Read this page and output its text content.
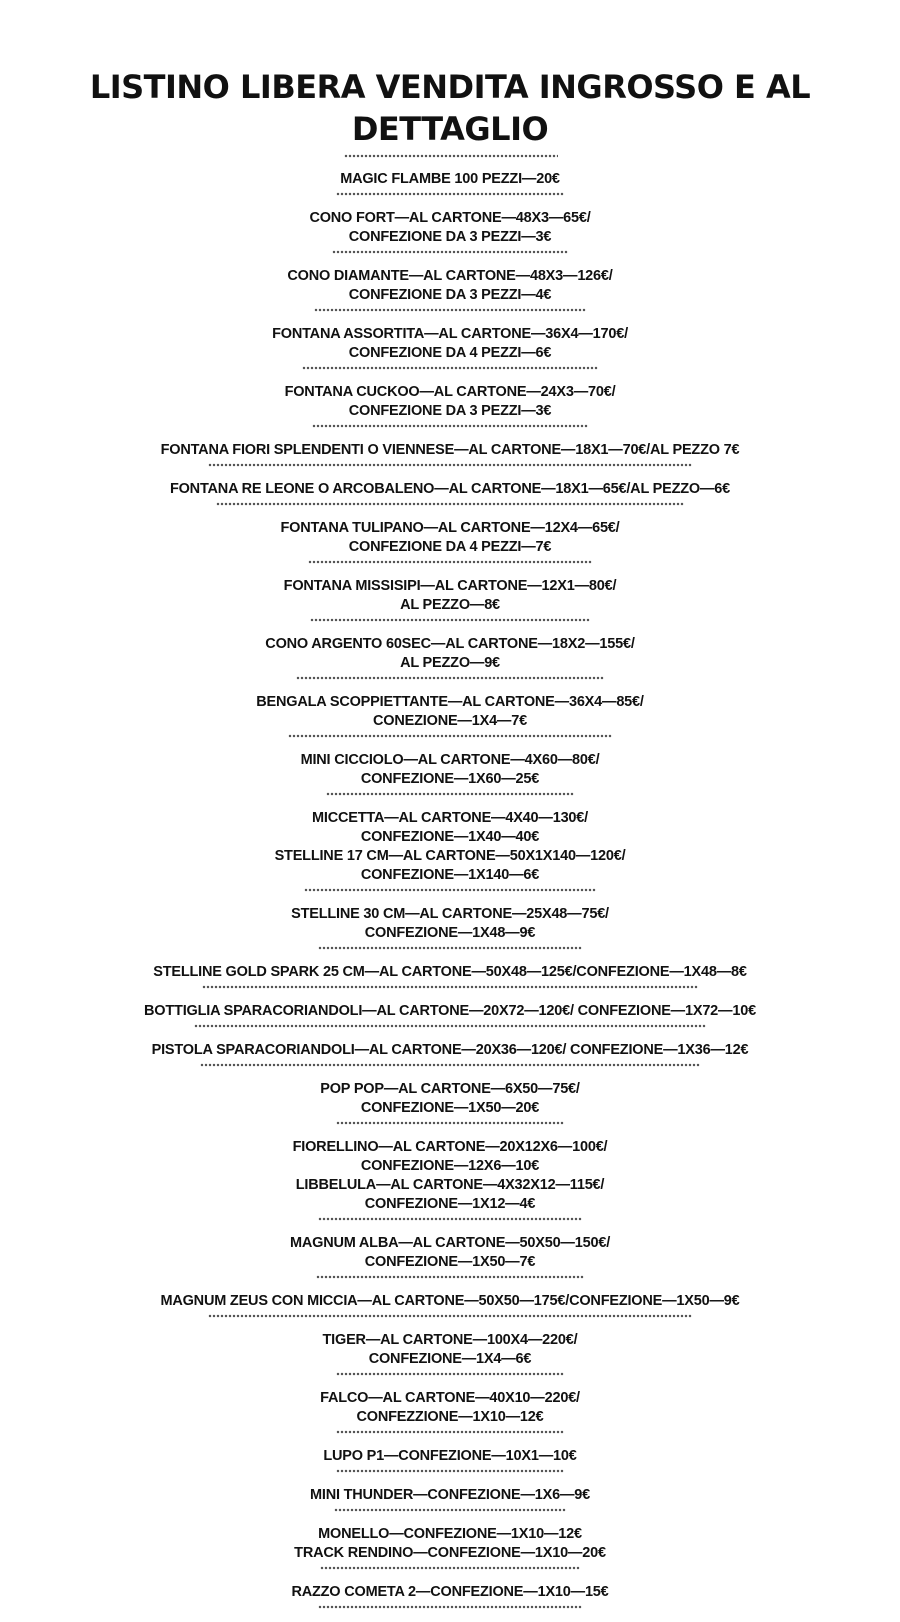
LISTINO LIBERA VENDITA INGROSSO E AL DETTAGLIO
MAGIC FLAMBE 100 PEZZI—20€
CONO FORT—AL CARTONE—48X3—65€/
CONFEZIONE DA 3 PEZZI—3€
CONO DIAMANTE—AL CARTONE—48X3—126€/
CONFEZIONE DA 3 PEZZI—4€
FONTANA ASSORTITA—AL CARTONE—36X4—170€/
CONFEZIONE DA 4 PEZZI—6€
FONTANA CUCKOO—AL CARTONE—24X3—70€/
CONFEZIONE DA 3 PEZZI—3€
FONTANA FIORI SPLENDENTI O VIENNESE—AL CARTONE—18X1—70€/AL PEZZO 7€
FONTANA RE LEONE O ARCOBALENO—AL CARTONE—18X1—65€/AL PEZZO—6€
FONTANA TULIPANO—AL CARTONE—12X4—65€/
CONFEZIONE DA 4 PEZZI—7€
FONTANA MISSISIPI—AL CARTONE—12X1—80€/
AL PEZZO—8€
CONO ARGENTO 60SEC—AL CARTONE—18X2—155€/
AL PEZZO—9€
BENGALA SCOPPIETTANTE—AL CARTONE—36X4—85€/
CONEZIONE—1X4—7€
MINI CICCIOLO—AL CARTONE—4X60—80€/
CONFEZIONE—1X60—25€
MICCETTA—AL CARTONE—4X40—130€/
CONFEZIONE—1X40—40€
STELLINE 17 CM—AL CARTONE—50X1X140—120€/
CONFEZIONE—1X140—6€
STELLINE 30 CM—AL CARTONE—25X48—75€/
CONFEZIONE—1X48—9€
STELLINE GOLD SPARK 25 CM—AL CARTONE—50X48—125€/CONFEZIONE—1X48—8€
BOTTIGLIA SPARACORIANDOLI—AL CARTONE—20X72—120€/ CONFEZIONE—1X72—10€
PISTOLA SPARACORIANDOLI—AL CARTONE—20X36—120€/ CONFEZIONE—1X36—12€
POP POP—AL CARTONE—6X50—75€/
CONFEZIONE—1X50—20€
FIORELLINO—AL CARTONE—20X12X6—100€/
CONFEZIONE—12X6—10€
LIBBELULA—AL CARTONE—4X32X12—115€/
CONFEZIONE—1X12—4€
MAGNUM ALBA—AL CARTONE—50X50—150€/
CONFEZIONE—1X50—7€
MAGNUM ZEUS CON MICCIA—AL CARTONE—50X50—175€/CONFEZIONE—1X50—9€
TIGER—AL CARTONE—100X4—220€/
CONFEZIONE—1X4—6€
FALCO—AL CARTONE—40X10—220€/
CONFEZZIONE—1X10—12€
LUPO P1—CONFEZIONE—10X1—10€
MINI THUNDER—CONFEZIONE—1X6—9€
MONELLO—CONFEZIONE—1X10—12€
TRACK RENDINO—CONFEZIONE—1X10—20€
RAZZO COMETA 2—CONFEZIONE—1X10—15€
